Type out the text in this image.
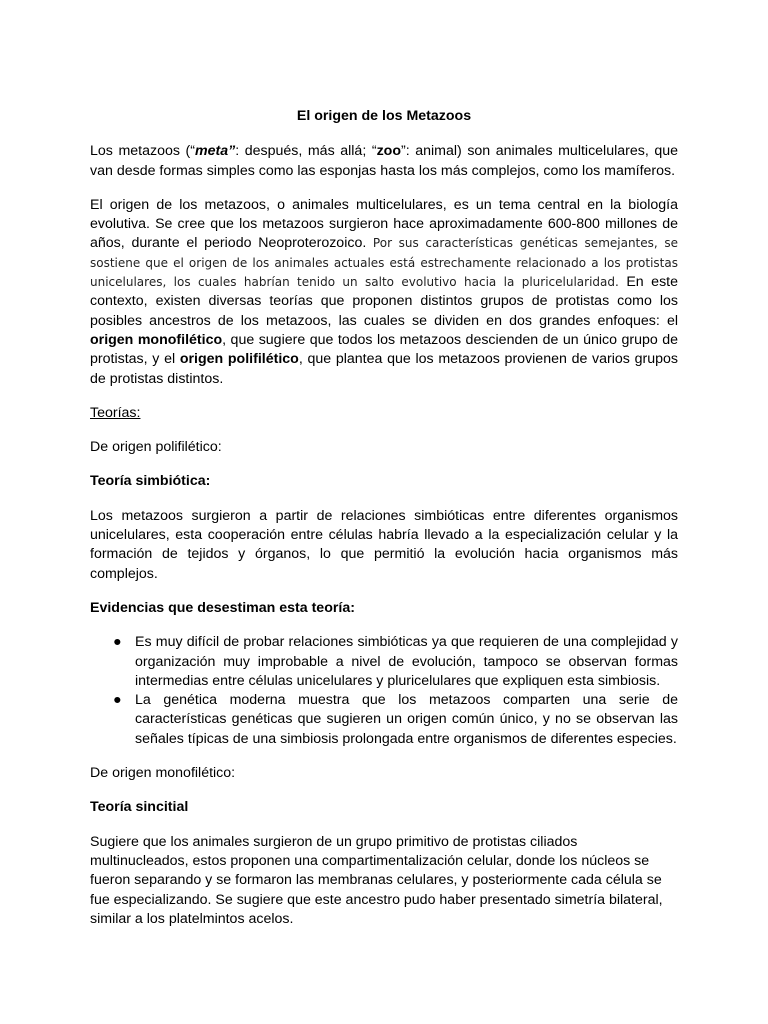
El origen de los Metazoos

Los metazoos (“meta”: después, más allá; “zoo”: animal) son animales multicelulares, que van desde formas simples como las esponjas hasta los más complejos, como los mamíferos.

El origen de los metazoos, o animales multicelulares, es un tema central en la biología evolutiva. Se cree que los metazoos surgieron hace aproximadamente 600-800 millones de años, durante el periodo Neoproterozoico. Por sus características genéticas semejantes, se sostiene que el origen de los animales actuales está estrechamente relacionado a los protistas unicelulares, los cuales habrían tenido un salto evolutivo hacia la pluricelularidad. En este contexto, existen diversas teorías que proponen distintos grupos de protistas como los posibles ancestros de los metazoos, las cuales se dividen en dos grandes enfoques: el origen monofilético, que sugiere que todos los metazoos descienden de un único grupo de protistas, y el origen polifilético, que plantea que los metazoos provienen de varios grupos de protistas distintos.

Teorías:

De origen polifilético:

Teoría simbiótica:

Los metazoos surgieron a partir de relaciones simbióticas entre diferentes organismos unicelulares, esta cooperación entre células habría llevado a la especialización celular y la formación de tejidos y órganos, lo que permitió la evolución hacia organismos más complejos.

Evidencias que desestiman esta teoría:
● Es muy difícil de probar relaciones simbióticas ya que requieren de una complejidad y organización muy improbable a nivel de evolución, tampoco se observan formas intermedias entre células unicelulares y pluricelulares que expliquen esta simbiosis.
● La genética moderna muestra que los metazoos comparten una serie de características genéticas que sugieren un origen común único, y no se observan las señales típicas de una simbiosis prolongada entre organismos de diferentes especies.

De origen monofilético:

Teoría sincitial

Sugiere que los animales surgieron de un grupo primitivo de protistas ciliados multinucleados, estos proponen una compartimentalización celular, donde los núcleos se fueron separando y se formaron las membranas celulares, y posteriormente cada célula se fue especializando. Se sugiere que este ancestro pudo haber presentado simetría bilateral, similar a los platelmintos acelos.
